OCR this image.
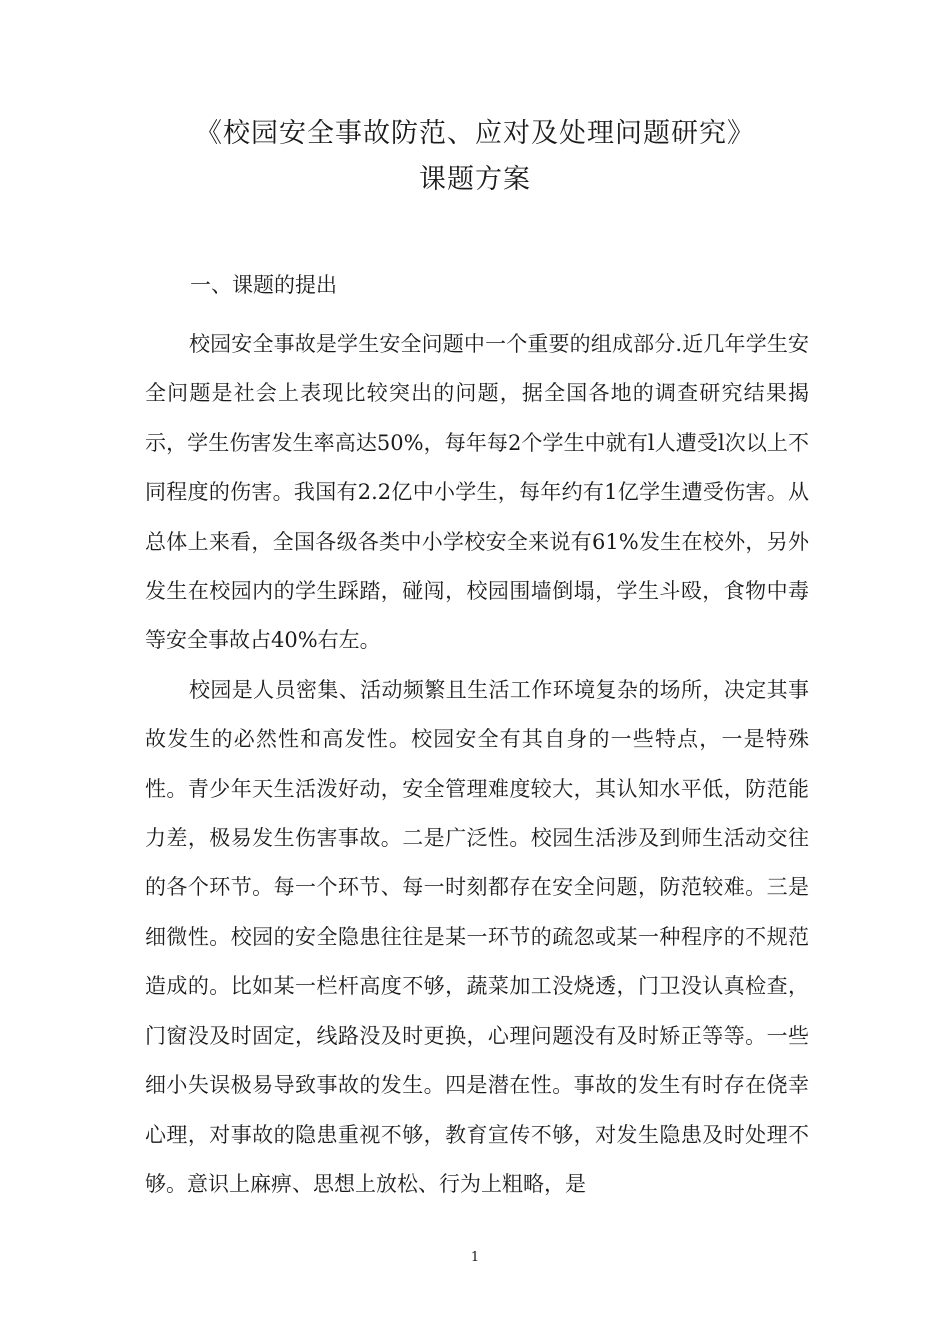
《校园安全事故防范、应对及处理问题研究》
课题方案
一、课题的提出

校园安全事故是学生安全问题中一个重要的组成部分.近几年学生安全问题是社会上表现比较突出的问题，据全国各地的调查研究结果揭示，学生伤害发生率高达50%，每年每2个学生中就有l人遭受l次以上不同程度的伤害。我国有2.2亿中小学生，每年约有1亿学生遭受伤害。从总体上来看，全国各级各类中小学校安全来说有61%发生在校外，另外发生在校园内的学生踩踏，碰闯，校园围墙倒塌，学生斗殴，食物中毒等安全事故占40%右左。

校园是人员密集、活动频繁且生活工作环境复杂的场所，决定其事故发生的必然性和高发性。校园安全有其自身的一些特点，一是特殊性。青少年天生活泼好动，安全管理难度较大，其认知水平低，防范能力差，极易发生伤害事故。二是广泛性。校园生活涉及到师生活动交往的各个环节。每一个环节、每一时刻都存在安全问题，防范较难。三是细微性。校园的安全隐患往往是某一环节的疏忽或某一种程序的不规范造成的。比如某一栏杆高度不够，蔬菜加工没烧透，门卫没认真检查，门窗没及时固定，线路没及时更换，心理问题没有及时矫正等等。一些细小失误极易导致事故的发生。四是潜在性。事故的发生有时存在侥幸心理，对事故的隐患重视不够，教育宣传不够，对发生隐患及时处理不够。意识上麻痹、思想上放松、行为上粗略，是

1
